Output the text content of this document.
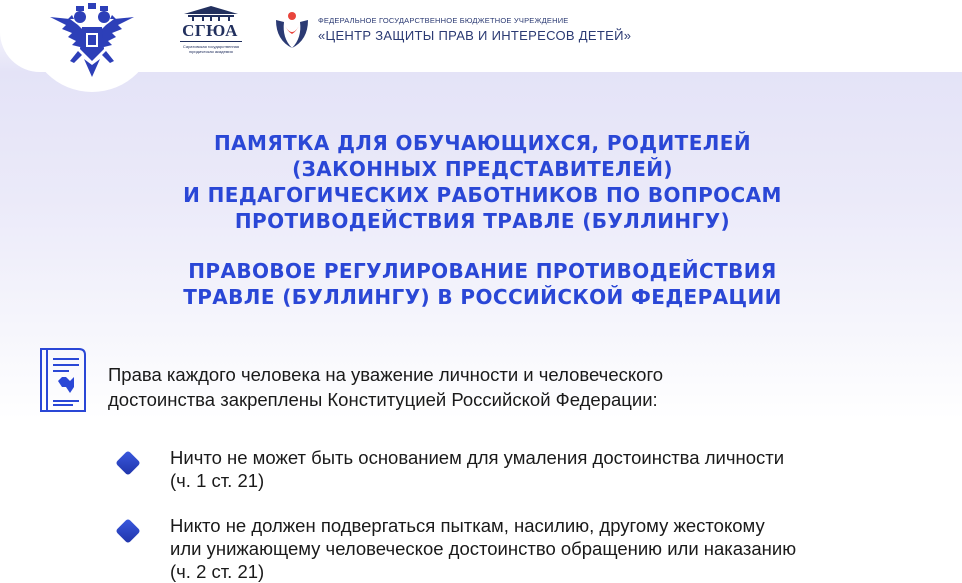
СГЮА
Саратовская государственная юридическая академия
ФЕДЕРАЛЬНОЕ ГОСУДАРСТВЕННОЕ БЮДЖЕТНОЕ УЧРЕЖДЕНИЕ
«ЦЕНТР ЗАЩИТЫ ПРАВ И ИНТЕРЕСОВ ДЕТЕЙ»
ПАМЯТКА ДЛЯ ОБУЧАЮЩИХСЯ, РОДИТЕЛЕЙ
(ЗАКОННЫХ ПРЕДСТАВИТЕЛЕЙ)
И ПЕДАГОГИЧЕСКИХ РАБОТНИКОВ ПО ВОПРОСАМ
ПРОТИВОДЕЙСТВИЯ ТРАВЛЕ (БУЛЛИНГУ)
ПРАВОВОЕ РЕГУЛИРОВАНИЕ ПРОТИВОДЕЙСТВИЯ
ТРАВЛЕ (БУЛЛИНГУ) В РОССИЙСКОЙ ФЕДЕРАЦИИ
Права каждого человека на уважение личности и человеческого
достоинства закреплены Конституцией Российской Федерации:
Ничто не может быть основанием для умаления достоинства личности
(ч. 1 ст. 21)
Никто не должен подвергаться пыткам, насилию, другому жестокому
или унижающему человеческое достоинство обращению или наказанию
(ч. 2 ст. 21)
